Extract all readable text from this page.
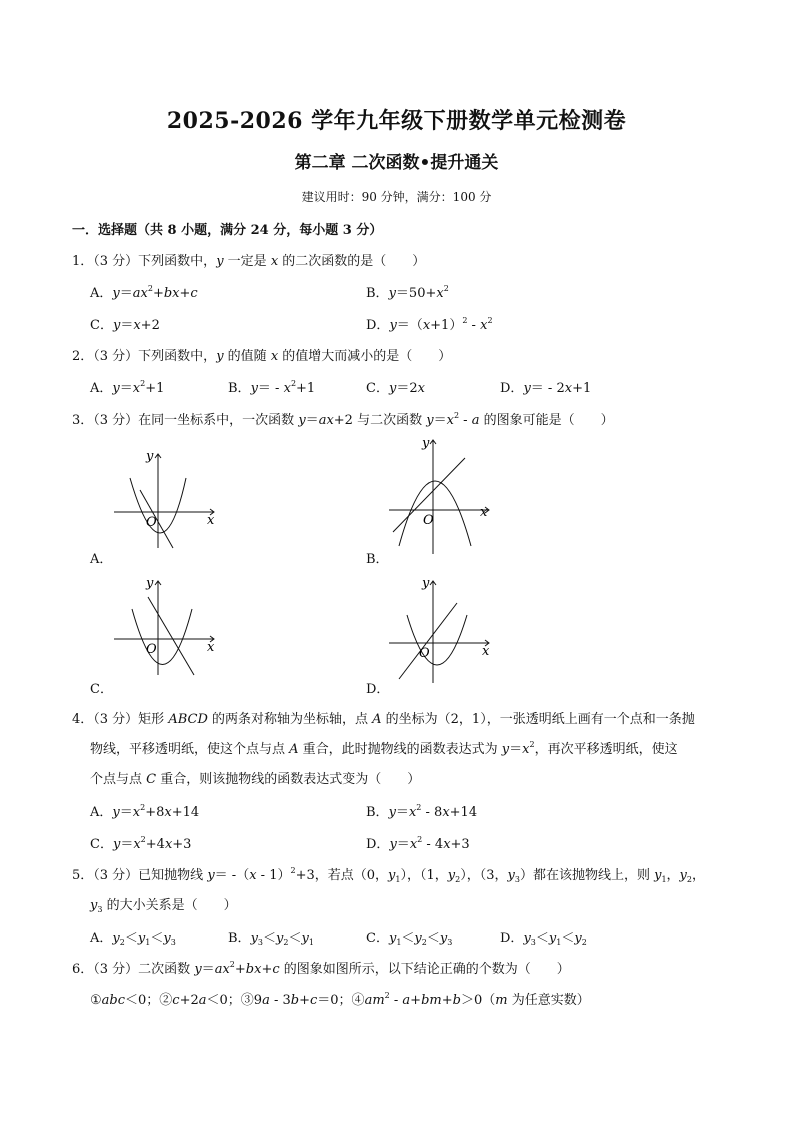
2025-2026 学年九年级下册数学单元检测卷
第二章 二次函数•提升通关
建议用时：90 分钟，满分：100 分
一．选择题（共 8 小题，满分 24 分，每小题 3 分）
1．（3 分）下列函数中，y 一定是 x 的二次函数的是（　　）
A．$y=ax^2+bx+c$	B．$y=50+x^2$
C．y＝x+2	D．$y=(x+1)^2 - x^2$
2．（3 分）下列函数中，y 的值随 x 的值增大而减小的是（　　）
A．$y=x^2+1$	B．$y= - x^2+1$	C．y＝2x	D．y＝ - 2x+1
3．（3 分）在同一坐标系中，一次函数 y＝ax+2 与二次函数 $y=x^2 - a$ 的图象可能是（　　）
y
x
O
A．
y
x
O
B．
y
x
O
C．
y
x
O
D．
4．（3 分）矩形 ABCD 的两条对称轴为坐标轴，点 A 的坐标为（2，1），一张透明纸上画有一个点和一条抛
物线，平移透明纸，使这个点与点 A 重合，此时抛物线的函数表达式为 $y=x^2$，再次平移透明纸，使这
个点与点 C 重合，则该抛物线的函数表达式变为（　　）
A．$y=x^2+8x+14$	B．$y=x^2 - 8x+14$
C．$y=x^2+4x+3$	D．$y=x^2 - 4x+3$
5．（3 分）已知抛物线 y＝ -（x - 1）$^2$+3，若点（0，$y_1$），（1，$y_2$），（3，$y_3$）都在该抛物线上，则 $y_1$，$y_2$，
$y_3$ 的大小关系是（　　）
A．$y_2<y_1<y_3$	B．$y_3<y_2<y_1$	C．$y_1<y_2<y_3$	D．$y_3<y_1<y_2$
6．（3 分）二次函数 $y=ax^2+bx+c$ 的图象如图所示，以下结论正确的个数为（　　）
①abc＜0；②c+2a＜0；③9a - 3b+c＝0；$④am^2 - a+bm+b>0(m$ 为任意实数）
